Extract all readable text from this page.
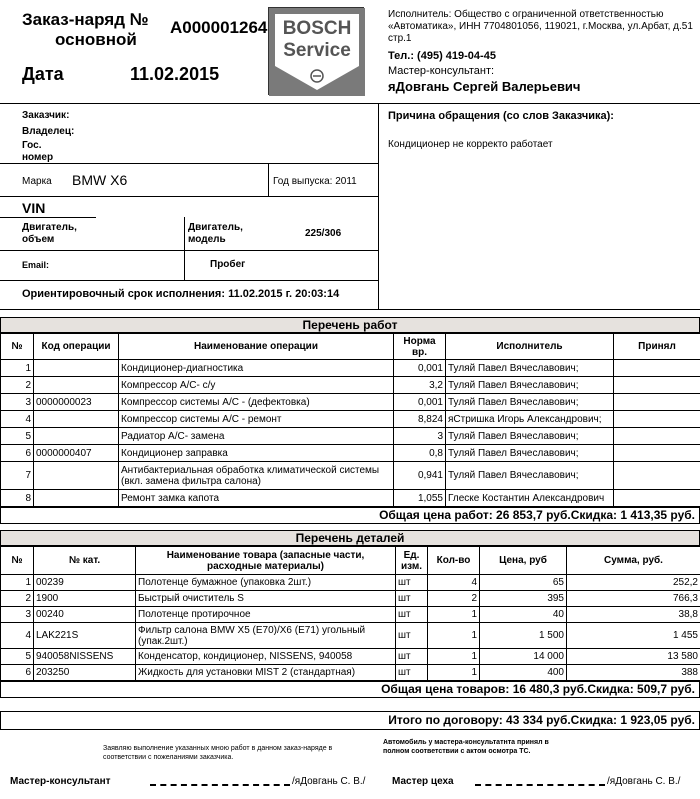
Заказ-наряд №
основной
A000001264
Дата	11.02.2015
BOSCH
Service
Исполнитель: Общество с ограниченной ответственностью «Автоматика», ИНН 7704801056, 119021, г.Москва, ул.Арбат, д.51 стр.1
Тел.: (495) 419-04-45
Мастер-консультант:
яДовгань Сергей Валерьевич
Заказчик:
Владелец:
Гос.
номер
Причина обращения (со слов Заказчика):
Кондиционер не корректо работает
Марка BMW X6	Год выпуска: 2011
VIN
Двигатель,
объем
Двигатель,
модель
225/306
Email:	Пробег
Ориентировочный срок исполнения: 11.02.2015 г. 20:03:14
Перечень работ
№	Код операции	Наименование операции	Норма вр.	Исполнитель	Принял
1		Кондиционер-диагностика	0,001	Туляй Павел Вячеславович;	
2		Компрессор А/С- с/у	3,2	Туляй Павел Вячеславович;	
3	0000000023	Компрессор системы A/C - (дефектовка)	0,001	Туляй Павел Вячеславович;	
4		Компрессор системы A/C - ремонт	8,824	яСтришка Игорь Александрович;	
5		Радиатор А/С- замена	3	Туляй Павел Вячеславович;	
6	0000000407	Кондиционер заправка	0,8	Туляй Павел Вячеславович;	
7		Антибактериальная обработка климатической системы (вкл. замена фильтра салона)	0,941	Туляй Павел Вячеславович;	
8		Ремонт замка капота	1,055	Глеске Костантин Александрович	
Общая цена работ: 26 853,7 руб.Скидка: 1 413,35 руб.
Перечень деталей
№	№ кат.	Наименование товара (запасные части, расходные материалы)	Ед. изм.	Кол-во	Цена, руб	Сумма, руб.
1	00239	Полотенце бумажное (упаковка 2шт.)	шт	4	65	252,2
2	1900	Быстрый очиститель S	шт	2	395	766,3
3	00240	Полотенце протирочное	шт	1	40	38,8
4	LAK221S	Фильтр салона BMW X5 (E70)/X6 (E71) угольный (упак.2шт.)	шт	1	1 500	1 455
5	940058NISSENS	Конденсатор, кондиционер, NISSENS, 940058	шт	1	14 000	13 580
6	203250	Жидкость для установки MIST 2 (стандартная)	шт	1	400	388
Общая цена товаров: 16 480,3 руб.Скидка: 509,7 руб.
Итого по договору: 43 334 руб.Скидка: 1 923,05 руб.
Заявляю выполнение указанных мною работ в данном заказ-наряде в соответствии с пожеланиями заказчика.
Автомобиль у мастера-консультатнта принял в полном соответствии с актом осмотра ТС.
Мастер-консультант	/яДовгань С. В./	Мастер цеха	/яДовгань С. В./
